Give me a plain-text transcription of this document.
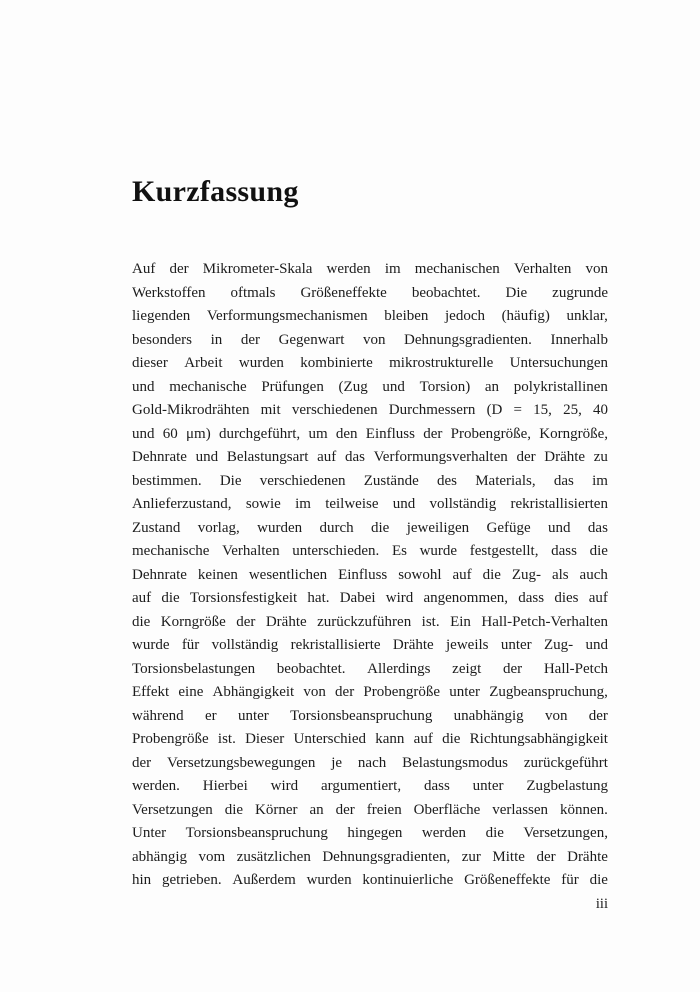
Kurzfassung
Auf der Mikrometer-Skala werden im mechanischen Verhalten von
Werkstoffen oftmals Größeneffekte beobachtet. Die zugrunde
liegenden Verformungsmechanismen bleiben jedoch (häufig) unklar,
besonders in der Gegenwart von Dehnungsgradienten. Innerhalb
dieser Arbeit wurden kombinierte mikrostrukturelle Untersuchungen
und mechanische Prüfungen (Zug und Torsion) an polykristallinen
Gold-Mikrodrähten mit verschiedenen Durchmessern (D = 15, 25, 40
und 60 μm) durchgeführt, um den Einfluss der Probengröße, Korngröße,
Dehnrate und Belastungsart auf das Verformungsverhalten der Drähte zu
bestimmen. Die verschiedenen Zustände des Materials, das im
Anlieferzustand, sowie im teilweise und vollständig rekristallisierten
Zustand vorlag, wurden durch die jeweiligen Gefüge und das
mechanische Verhalten unterschieden. Es wurde festgestellt, dass die
Dehnrate keinen wesentlichen Einfluss sowohl auf die Zug- als auch
auf die Torsionsfestigkeit hat. Dabei wird angenommen, dass dies auf
die Korngröße der Drähte zurückzuführen ist. Ein Hall-Petch-Verhalten
wurde für vollständig rekristallisierte Drähte jeweils unter Zug- und
Torsionsbelastungen beobachtet. Allerdings zeigt der Hall-Petch
Effekt eine Abhängigkeit von der Probengröße unter Zugbeanspruchung,
während er unter Torsionsbeanspruchung unabhängig von der
Probengröße ist. Dieser Unterschied kann auf die Richtungsabhängigkeit
der Versetzungsbewegungen je nach Belastungsmodus zurückgeführt
werden. Hierbei wird argumentiert, dass unter Zugbelastung
Versetzungen die Körner an der freien Oberfläche verlassen können.
Unter Torsionsbeanspruchung hingegen werden die Versetzungen,
abhängig vom zusätzlichen Dehnungsgradienten, zur Mitte der Drähte
hin getrieben. Außerdem wurden kontinuierliche Größeneffekte für die
iii
